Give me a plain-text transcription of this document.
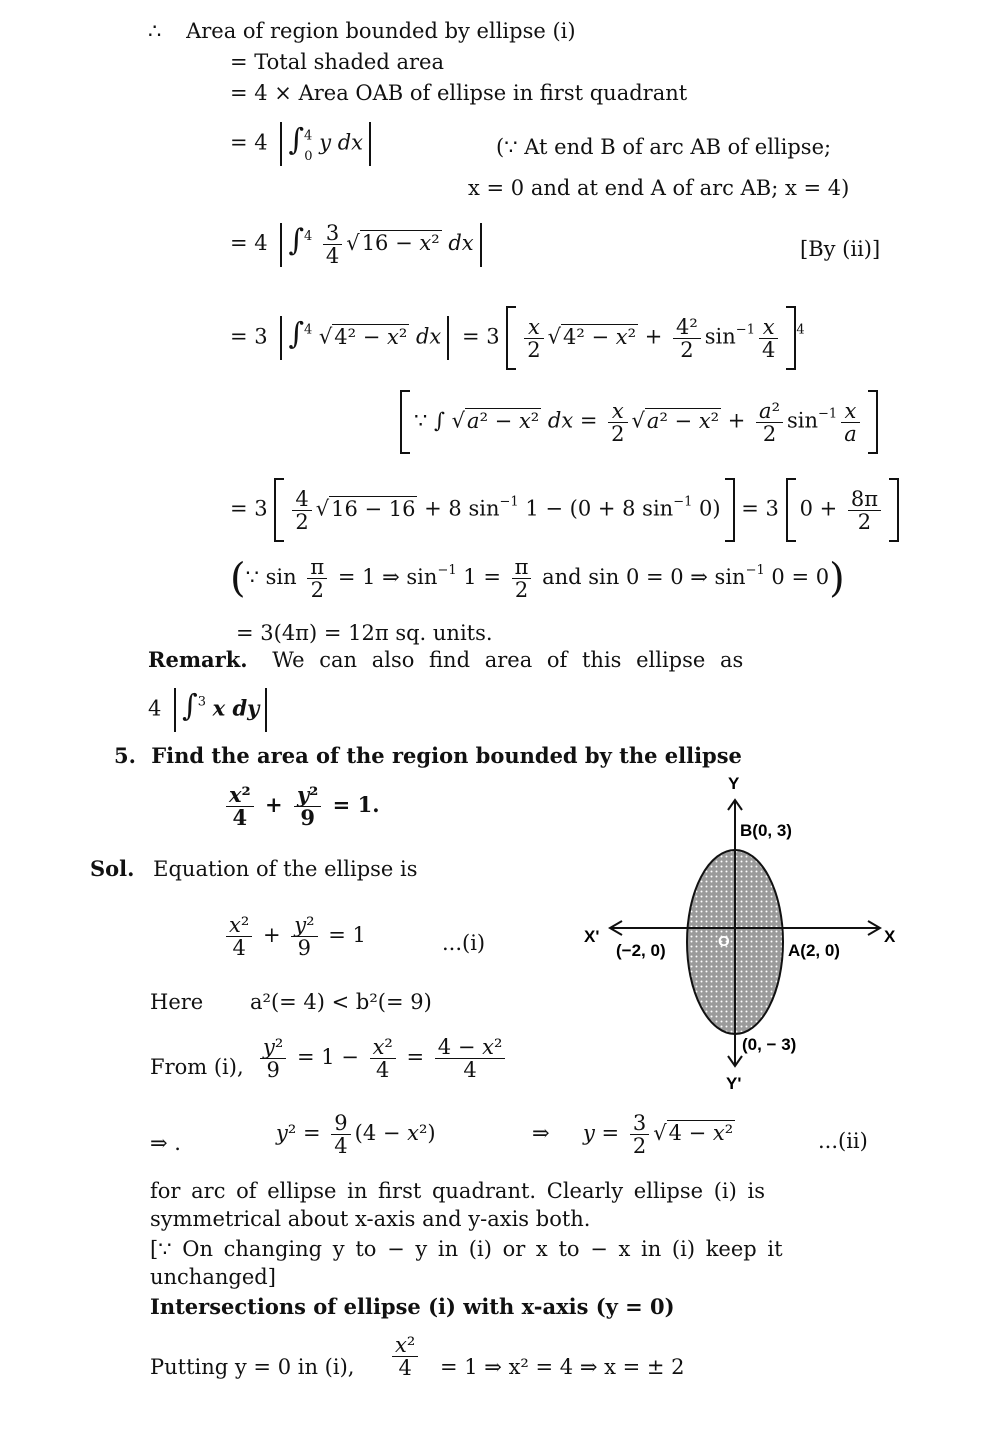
∴ Area of region bounded by ellipse (i)
= Total shaded area
= 4 × Area OAB of ellipse in first quadrant
= 4 ∫$^4_0$ y dx	(∵ At end B of arc AB of ellipse;
x = 0 and at end A of arc AB; x = 4)
= 4 $\int^4 \frac{3}{4} √16 - x^2$ dx	[By (ii)]
= 3 ∫$^4$ √4² − x² dx = $3 \frac{x}{2} √4^2 - x^2 + \frac{\text{4²}}{2} \sin^{-1} \frac{x}{4} ^4$
∵ ∫ √a² − x² dx = $\frac{x}{2} √a^2 - x^2 + \frac{\text{a²}}{2} \sin^{-1} \frac{x}{a}$
= $3 \frac{4}{2} √16 - 16 + 8$ $\sin^{-1} 1 - (0 + 8$ $\sin^{-1} 0) = 3$ $0 + \frac{8\pi}{2}$
(∵ $\sin \frac{\pi}{2} = 1$ ⇒ $\sin^{-1} 1 = \frac{\pi}{2}$ and sin 0 = 0 ⇒ $\sin^{-1} 0 = 0$)
= 3(4π) = 12π sq. units.
Remark. We can also find area of this ellipse as
4 ∫$^3$ x dy
5. Find the area of the region bounded by the ellipse
$\frac{\text{x²}}{4} + \frac{\text{y²}}{9} = 1$.
Sol. Equation of the ellipse is
$\frac{\text{x²}}{4} + \frac{\text{y²}}{9} = 1$	...(i)
Here a²(= 4) < b²(= 9)
From (i), $\frac{\text{y²}}{9} = 1 - \frac{\text{x²}}{4} = \frac{\text{4 − x²}}{4}$
⇒ .	$y^2 = \frac{9}{4} (4 - x^2)$	⇒     $y = \frac{3}{2} √4 - x^2$	...(ii)
for arc of ellipse in first quadrant. Clearly ellipse (i) is
symmetrical about x-axis and y-axis both.
[∵ On changing y to − y in (i) or x to − x in (i) keep it
unchanged]
Intersections of ellipse (i) with x-axis (y = 0)
Putting y = 0 in (i), $\frac{\text{x²}}{4} = 1$ ⇒ x² = 4 ⇒ x = ± 2
Y
Y'
X
X'
B(0, 3)
A(2, 0)
(−2, 0)
(0, − 3)
O
